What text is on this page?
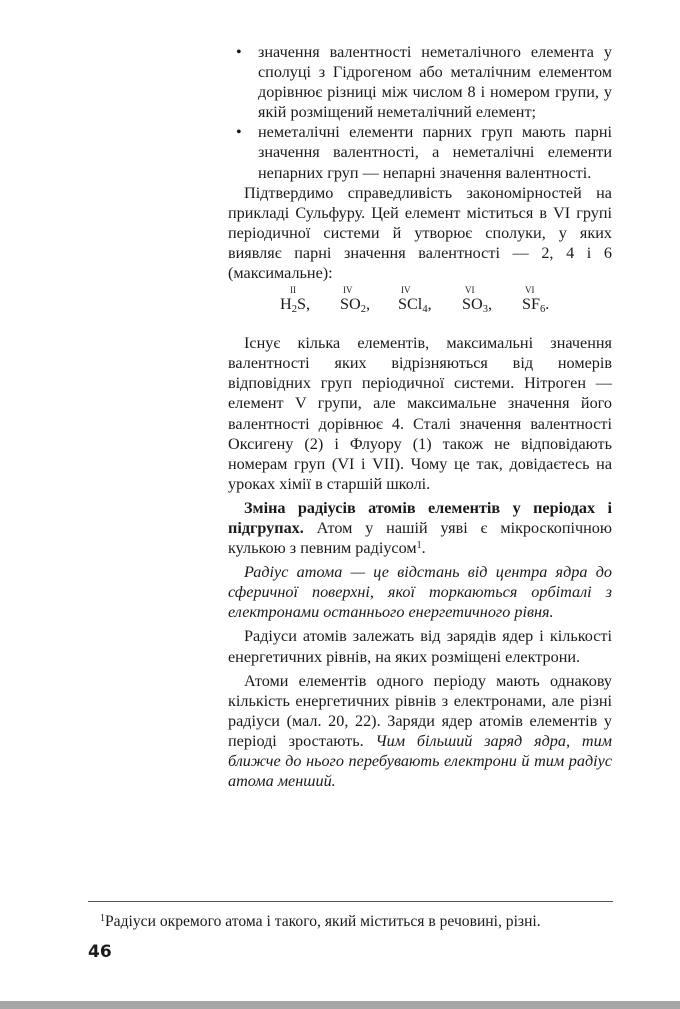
• значення валентності неметалічного елемента у сполуці з Гідрогеном або металічним елементом дорівнює різниці між числом 8 і номером групи, у якій розміщений неметалічний елемент;
• неметалічні елементи парних груп мають парні значення валентності, а неметалічні елементи непарних груп — непарні значення валентності.

Підтвердимо справедливість закономірностей на прикладі Сульфуру. Цей елемент міститься в VI групі періодичної системи й утворює сполуки, у яких виявляє парні значення валентності — 2, 4 і 6 (максимальне):

II
$H_2S$,
IV
$SO_2$,
IV
SCl$_4$,
VI
$SO_3$,
VI
$SF_6$.

Існує кілька елементів, максимальні значення валентності яких відрізняються від номерів відповідних груп періодичної системи. Нітроген — елемент V групи, але максимальне значення його валентності дорівнює 4. Сталі значення валентності Оксигену (2) і Флуору (1) також не відповідають номерам груп (VI і VII). Чому це так, довідаєтесь на уроках хімії в старшій школі.

Зміна радіусів атомів елементів у періодах і підгрупах. Атом у нашій уяві є мікроскопічною кулькою з певним радіусом$^1$.

Радіус атома — це відстань від центра ядра до сферичної поверхні, якої торкаються орбіталі з електронами останнього енергетичного рівня.

Радіуси атомів залежать від зарядів ядер і кількості енергетичних рівнів, на яких розміщені електрони.

Атоми елементів одного періоду мають однакову кількість енергетичних рівнів з електронами, але різні радіуси (мал. 20, 22). Заряди ядер атомів елементів у періоді зростають. Чим більший заряд ядра, тим ближче до нього перебувають електрони й тим радіус атома менший.

$^1$Радіуси окремого атома і такого, який міститься в речовині, різні.
46
